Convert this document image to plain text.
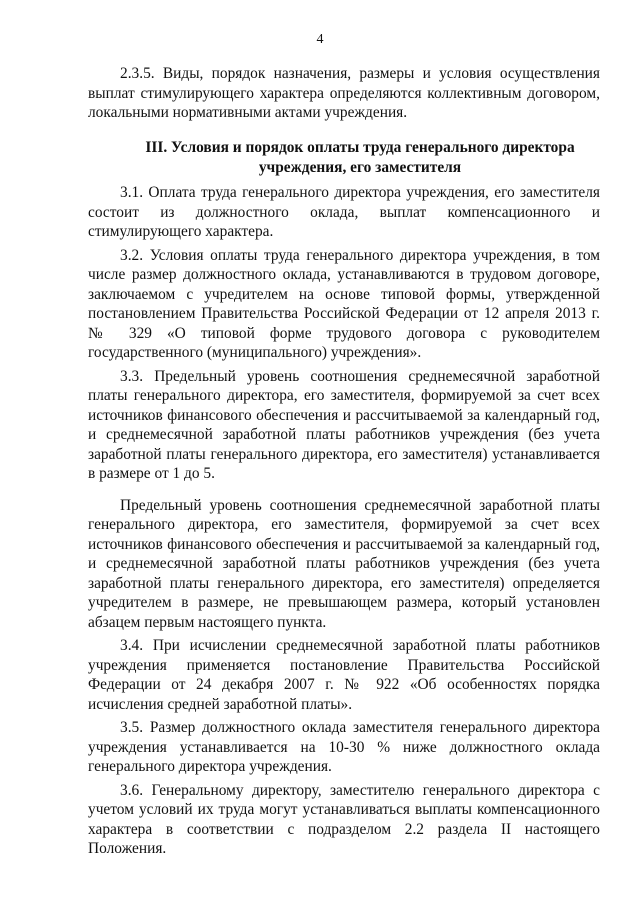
4

2.3.5. Виды, порядок назначения, размеры и условия осуществления выплат стимулирующего характера определяются коллективным договором, локальными нормативными актами учреждения.

III. Условия и порядок оплаты труда генерального директора

учреждения, его заместителя

3.1. Оплата труда генерального директора учреждения, его заместителя состоит из должностного оклада, выплат компенсационного и стимулирующего характера.

3.2. Условия оплаты труда генерального директора учреждения, в том числе размер должностного оклада, устанавливаются в трудовом договоре, заключаемом с учредителем на основе типовой формы, утвержденной постановлением Правительства Российской Федерации от 12 апреля 2013 г. № 329 «О типовой форме трудового договора с руководителем государственного (муниципального) учреждения».

3.3. Предельный уровень соотношения среднемесячной заработной платы генерального директора, его заместителя, формируемой за счет всех источников финансового обеспечения и рассчитываемой за календарный год, и среднемесячной заработной платы работников учреждения (без учета заработной платы генерального директора, его заместителя) устанавливается в размере от 1 до 5.

Предельный уровень соотношения среднемесячной заработной платы генерального директора, его заместителя, формируемой за счет всех источников финансового обеспечения и рассчитываемой за календарный год, и среднемесячной заработной платы работников учреждения (без учета заработной платы генерального директора, его заместителя) определяется учредителем в размере, не превышающем размера, который установлен абзацем первым настоящего пункта.

3.4. При исчислении среднемесячной заработной платы работников учреждения применяется постановление Правительства Российской Федерации от 24 декабря 2007 г. № 922 «Об особенностях порядка исчисления средней заработной платы».

3.5. Размер должностного оклада заместителя генерального директора учреждения устанавливается на 10-30 % ниже должностного оклада генерального директора учреждения.

3.6. Генеральному директору, заместителю генерального директора с учетом условий их труда могут устанавливаться выплаты компенсационного характера в соответствии с подразделом 2.2 раздела II настоящего Положения.
